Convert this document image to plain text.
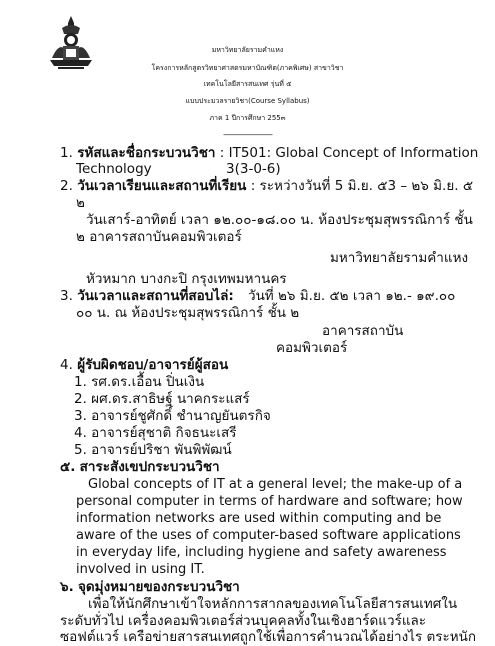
มหาวิทยาลัยรามคำแหง
โครงการหลักสูตรวิทยาศาสตรมหาบัณฑิต(ภาคพิเศษ) สาขาวิชา
เทคโนโลยีสารสนเทศ รุ่นที่ ๕
แบบประมวลรายวิชา(Course Syllabus)
ภาค 1 ปีการศึกษา 255๓
--------------------------------
1. รหัสและชื่อกระบวนวิชา : IT501: Global Concept of Information
Technology	3(3-0-6)
2. วันเวลาเรียนและสถานที่เรียน : ระหว่างวันที่ 5 มิ.ย. ๕3 – ๒๖ มิ.ย. ๕
๒
วันเสาร์-อาทิตย์ เวลา ๑๒.๐๐-๑๘.๐๐ น. ห้องประชุมสุพรรณิการ์ ชั้น
๒ อาคารสถาบันคอมพิวเตอร์
มหาวิทยาลัยรามคำแหง
หัวหมาก บางกะปิ กรุงเทพมหานคร
3. วันเวลาและสถานที่สอบไล่: วันที่ ๒๖ มิ.ย. ๕๒ เวลา ๑๒.- ๑๙.๐๐
๐๐ น. ณ ห้องประชุมสุพรรณิการ์ ชั้น ๒
อาคารสถาบัน
คอมพิวเตอร์
4. ผู้รับผิดชอบ/อาจารย์ผู้สอน
1. รศ.ดร.เอื้อน ปิ่นเงิน
2. ผศ.ดร.สาธิษฐ์ นาคกระแสร์
3. อาจารย์ชูศักดิ์ ชำนาญยันตรกิจ
4. อาจารย์สุชาติ กิจธนะเสรี
5. อาจารย์ปริชา พันพิพัฒน์
๕. สาระสังเขปกระบวนวิชา
Global concepts of IT at a general level; the make-up of a
personal computer in terms of hardware and software; how
information networks are used within computing and be
aware of the uses of computer-based software applications
in everyday life, including hygiene and safety awareness
involved in using IT.
๖. จุดมุ่งหมายของกระบวนวิชา
เพื่อให้นักศึกษาเข้าใจหลักการสากลของเทคโนโลยีสารสนเทศใน
ระดับทั่วไป เครื่องคอมพิวเตอร์ส่วนบุคคลทั้งในเชิงฮาร์ดแวร์และ
ซอฟต์แวร์ เครือข่ายสารสนเทศถูกใช้เพื่อการคำนวณได้อย่างไร ตระหนัก
